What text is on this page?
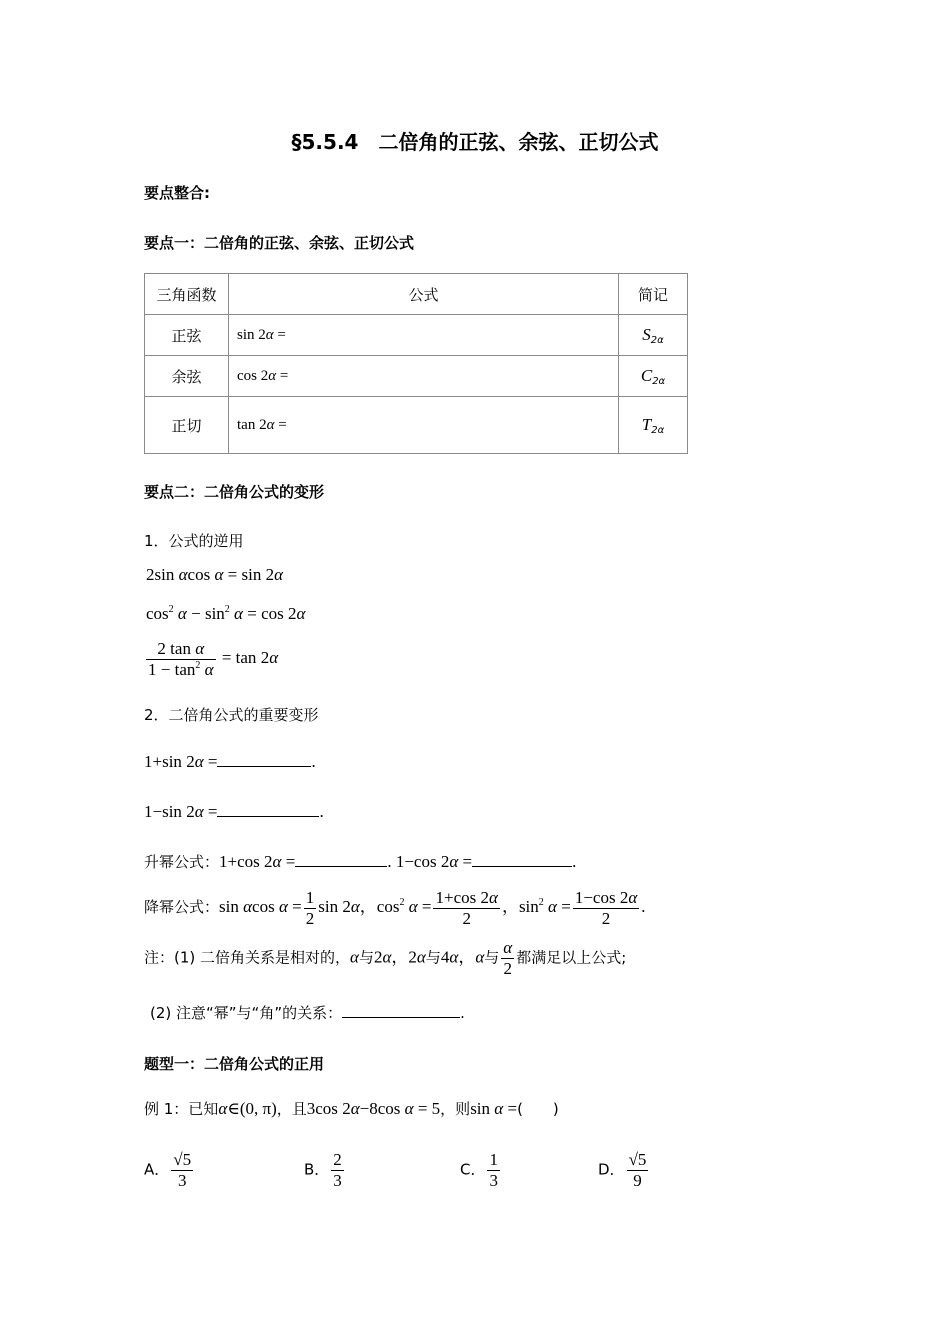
§5.5.4　二倍角的正弦、余弦、正切公式
要点整合:
要点一：二倍角的正弦、余弦、正切公式
三角函数	公式	简记
正弦	sin 2α =	$S_{2\alpha}$
余弦	cos 2α =	$C_{2\alpha}$
正切	tan 2α =	$T_{2\alpha}$
要点二：二倍角公式的变形
1．公式的逆用
2sin αcos α = sin 2α
$\cos^2 \alpha - \sin^2 \alpha = \cos 2\alpha$
$\frac{\text{2 tan α}}{1 - \tan^2 \alpha} = \tan 2\alpha$
2．二倍角公式的重要变形
1+sin 2α =	.
1−sin 2α =	.
升幂公式：1+cos 2α =	. 1−cos 2α =	.
降幂公式：sin αcos $\alpha = \frac{1}{2}$ sin 2α，$\cos^2 \alpha = \frac{1+\cos 2\alpha}{2}$ ，$\sin^2 \alpha = \frac{1-\cos 2\alpha}{2}$ .
注：(1) 二倍角关系是相对的，α与2α，2α与4α，α与 $\frac{\alpha}{2}$ 都满足以上公式;
(2) 注意“幂”与“角”的关系：	.
题型一：二倍角公式的正用
例 1：已知α∈(0, π)，且3cos 2α−8cos α = 5，则sin α =(　　)
A． $\frac{√5}{3}$	B． $\frac{2}{3}$	C． $\frac{1}{3}$	D． $\frac{√5}{9}$
